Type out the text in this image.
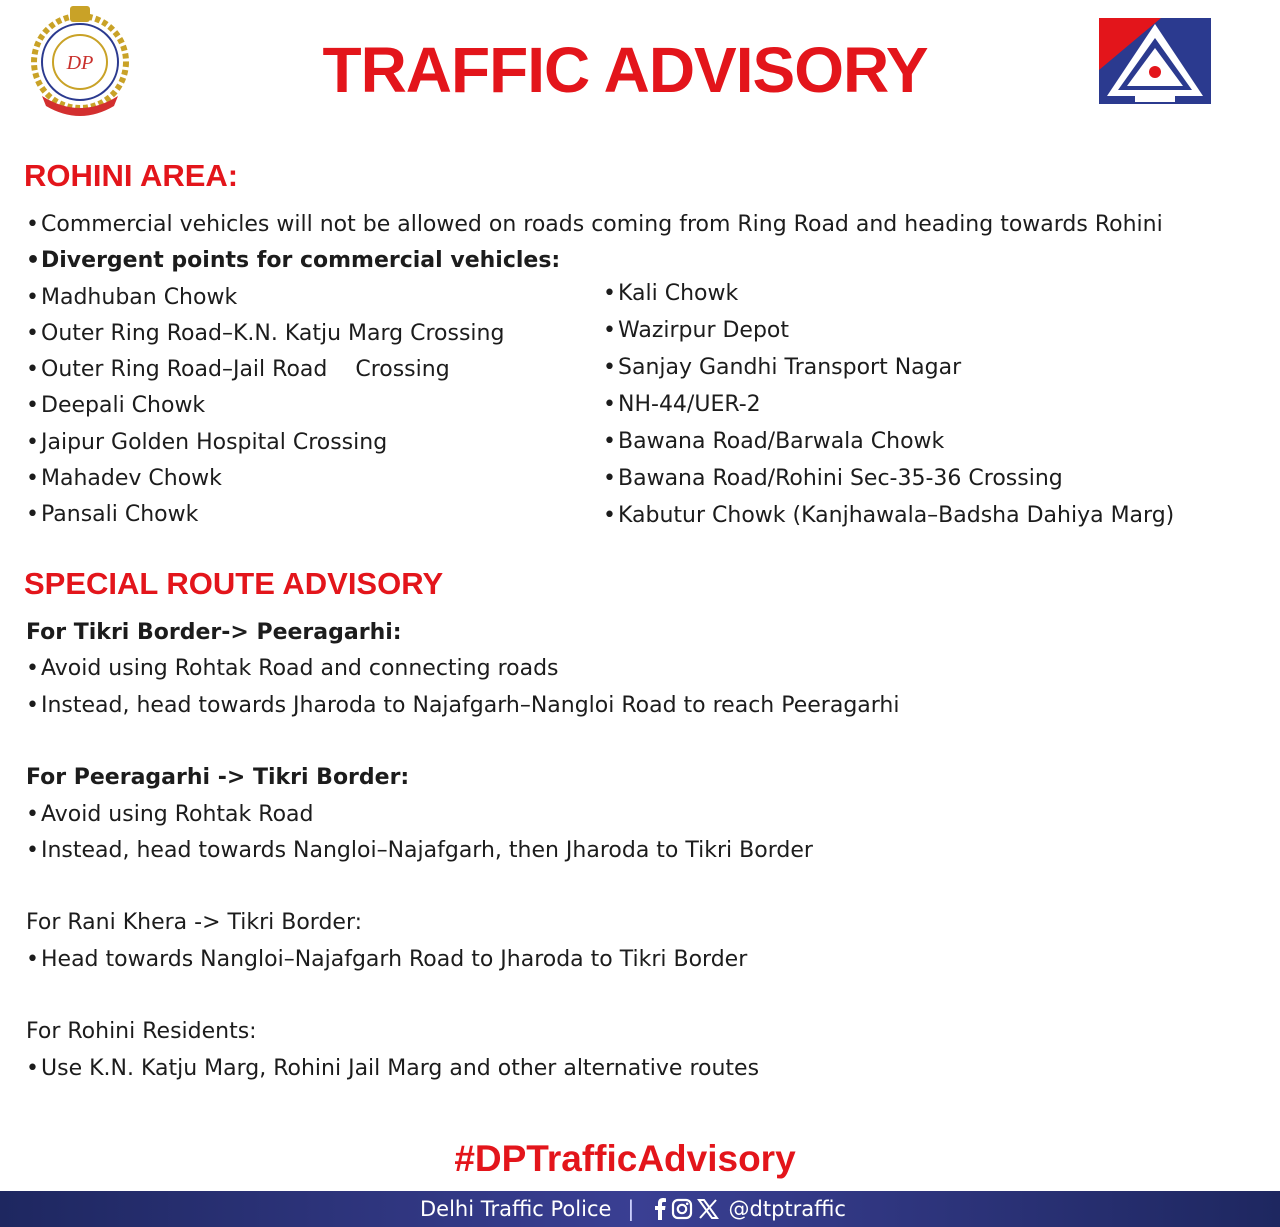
DP	TRAFFIC ADVISORY
ROHINI AREA:
•Commercial vehicles will not be allowed on roads coming from Ring Road and heading towards Rohini
•Divergent points for commercial vehicles:
•Madhuban Chowk
•Outer Ring Road–K.N. Katju Marg Crossing
•Outer Ring Road–Jail Road    Crossing
•Deepali Chowk
•Jaipur Golden Hospital Crossing
•Mahadev Chowk
•Pansali Chowk
•Kali Chowk
•Wazirpur Depot
•Sanjay Gandhi Transport Nagar
•NH-44/UER-2
•Bawana Road/Barwala Chowk
•Bawana Road/Rohini Sec-35-36 Crossing
•Kabutur Chowk (Kanjhawala–Badsha Dahiya Marg)
SPECIAL ROUTE ADVISORY
For Tikri Border-> Peeragarhi:
•Avoid using Rohtak Road and connecting roads
•Instead, head towards Jharoda to Najafgarh–Nangloi Road to reach Peeragarhi
For Peeragarhi -> Tikri Border:
•Avoid using Rohtak Road
•Instead, head towards Nangloi–Najafgarh, then Jharoda to Tikri Border
For Rani Khera -> Tikri Border:
•Head towards Nangloi–Najafgarh Road to Jharoda to Tikri Border
For Rohini Residents:
•Use K.N. Katju Marg, Rohini Jail Marg and other alternative routes
#DPTrafficAdvisory
Delhi Traffic Police |	@dtptraffic
